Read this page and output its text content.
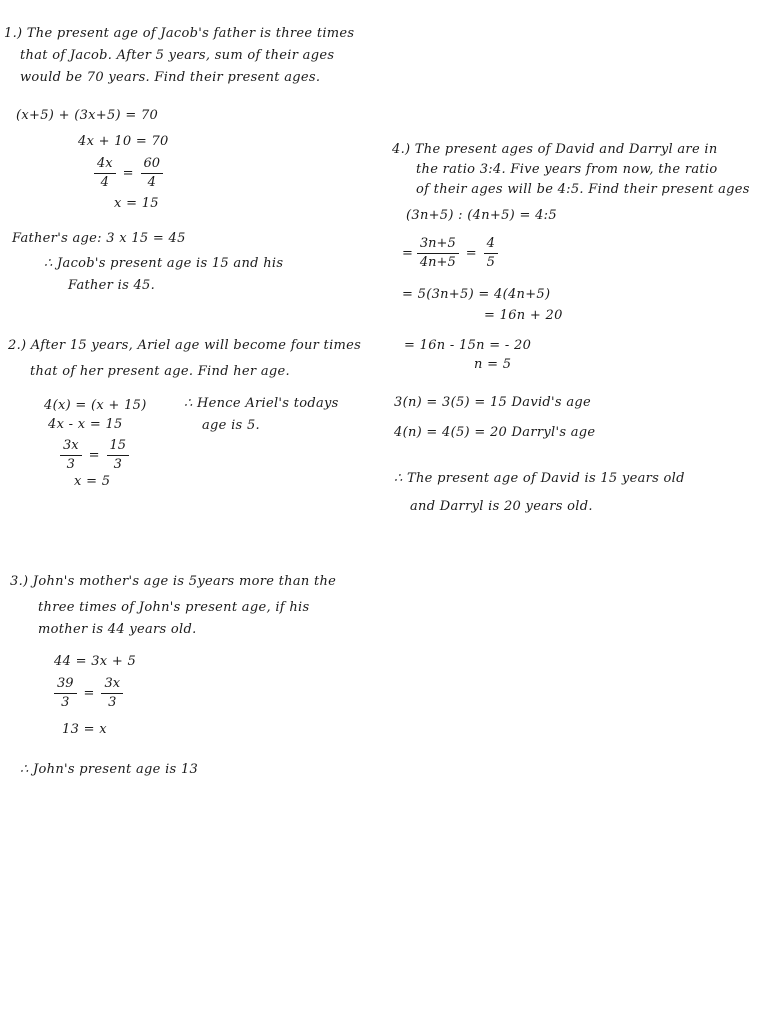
1.) The present age of Jacob's father is three times
that of Jacob. After 5 years, sum of their ages
would be 70 years. Find their present ages.
(x+5) + (3x+5) = 70
4x + 10 = 70
$\frac{4x}{4} = \frac{60}{4}$
x = 15
Father's age: 3 x 15 = 45
∴ Jacob's present age is 15 and his
Father is 45.
2.) After 15 years, Ariel age will become four times
that of her present age. Find her age.
4(x) = (x + 15)
4x - x = 15
$\frac{3x}{3} = \frac{15}{3}$
x = 5
∴ Hence Ariel's todays
age is 5.
3.) John's mother's age is 5years more than the
three times of John's present age, if his
mother is 44 years old.
44 = 3x + 5
$\frac{39}{3} = \frac{3x}{3}$
13 = x
∴ John's present age is 13
4.) The present ages of David and Darryl are in
the ratio 3:4. Five years from now, the ratio
of their ages will be 4:5. Find their present ages
(3n+5) : (4n+5) = 4:5
= $\frac{3n+5}{4n+5} = \frac{4}{5}$
= 5(3n+5) = 4(4n+5)
= 16n + 20
= 16n - 15n = - 20
n = 5
3(n) = 3(5) = 15 David's age
4(n) = 4(5) = 20 Darryl's age
∴ The present age of David is 15 years old
and Darryl is 20 years old.
